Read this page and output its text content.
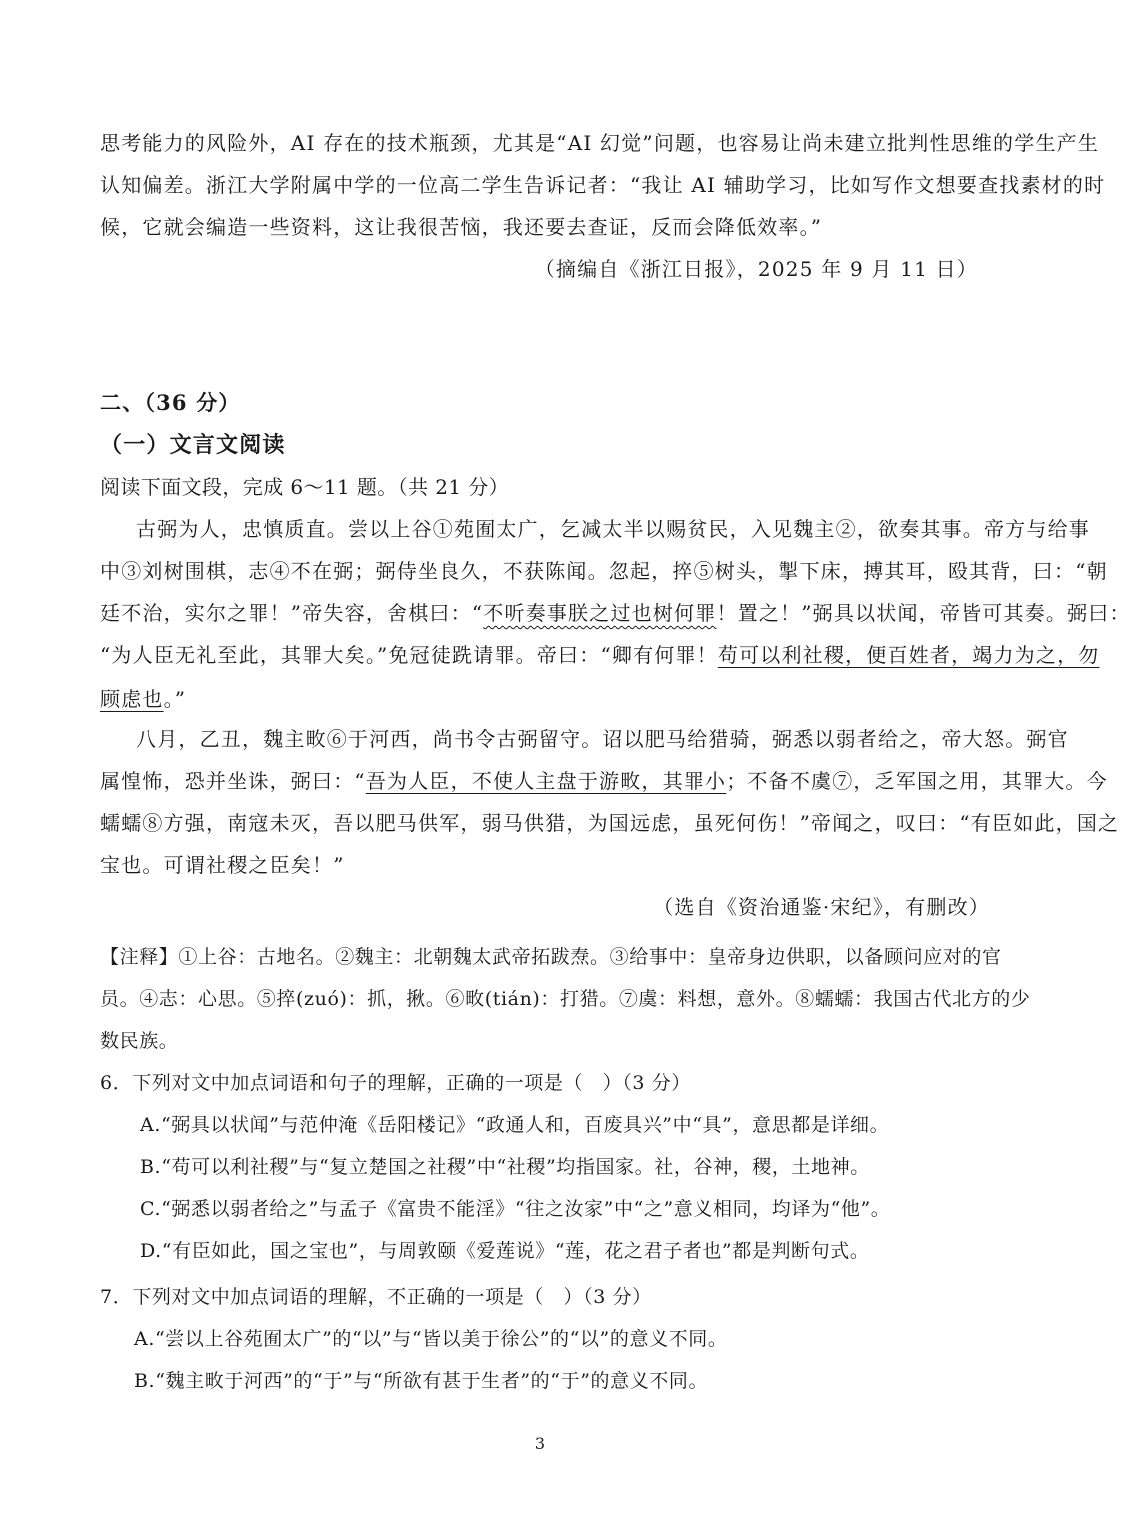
思考能力的风险外，AI 存在的技术瓶颈，尤其是“AI 幻觉”问题，也容易让尚未建立批判性思维的学生产生

认知偏差。浙江大学附属中学的一位高二学生告诉记者：“我让 AI 辅助学习，比如写作文想要查找素材的时

候，它就会编造一些资料，这让我很苦恼，我还要去查证，反而会降低效率。”

（摘编自《浙江日报》，2025 年 9 月 11 日）

二、（36 分）

（一）文言文阅读

阅读下面文段，完成 6～11 题。（共 21 分）

古弼为人，忠慎质直。尝以上谷①苑囿太广，乞减太半以赐贫民，入见魏主②，欲奏其事。帝方与给事

中③刘树围棋，志④不在弼；弼侍坐良久，不获陈闻。忽起，捽⑤树头，掣下床，搏其耳，殴其背，曰：“朝

廷不治，实尔之罪！”帝失容，舍棋曰：“不听奏事朕之过也树何罪！置之！”弼具以状闻，帝皆可其奏。弼曰：

“为人臣无礼至此，其罪大矣。”免冠徒跣请罪。帝曰：“卿有何罪！苟可以利社稷，便百姓者，竭力为之，勿

顾虑也。”

八月，乙丑，魏主畋⑥于河西，尚书令古弼留守。诏以肥马给猎骑，弼悉以弱者给之，帝大怒。弼官

属惶怖，恐并坐诛，弼曰：“吾为人臣，不使人主盘于游畋，其罪小；不备不虞⑦，乏军国之用，其罪大。今

蠕蠕⑧方强，南寇未灭，吾以肥马供军，弱马供猎，为国远虑，虽死何伤！”帝闻之，叹曰：“有臣如此，国之

宝也。可谓社稷之臣矣！”

（选自《资治通鉴·宋纪》，有删改）

【注释】①上谷：古地名。②魏主：北朝魏太武帝拓跋焘。③给事中：皇帝身边供职，以备顾问应对的官

员。④志：心思。⑤捽(zuó)：抓，揪。⑥畋(tián)：打猎。⑦虞：料想，意外。⑧蠕蠕：我国古代北方的少

数民族。

6．下列对文中加点词语和句子的理解，正确的一项是（　）（3 分）

A.“弼具以状闻”与范仲淹《岳阳楼记》“政通人和，百废具兴”中“具”，意思都是详细。

B.“苟可以利社稷”与“复立楚国之社稷”中“社稷”均指国家。社，谷神，稷，土地神。

C.“弼悉以弱者给之”与孟子《富贵不能淫》“往之汝家”中“之”意义相同，均译为“他”。

D.“有臣如此，国之宝也”，与周敦颐《爱莲说》“莲，花之君子者也”都是判断句式。

7．下列对文中加点词语的理解，不正确的一项是（　）（3 分）

A.“尝以上谷苑囿太广”的“以”与“皆以美于徐公”的“以”的意义不同。

B.“魏主畋于河西”的“于”与“所欲有甚于生者”的“于”的意义不同。

3
